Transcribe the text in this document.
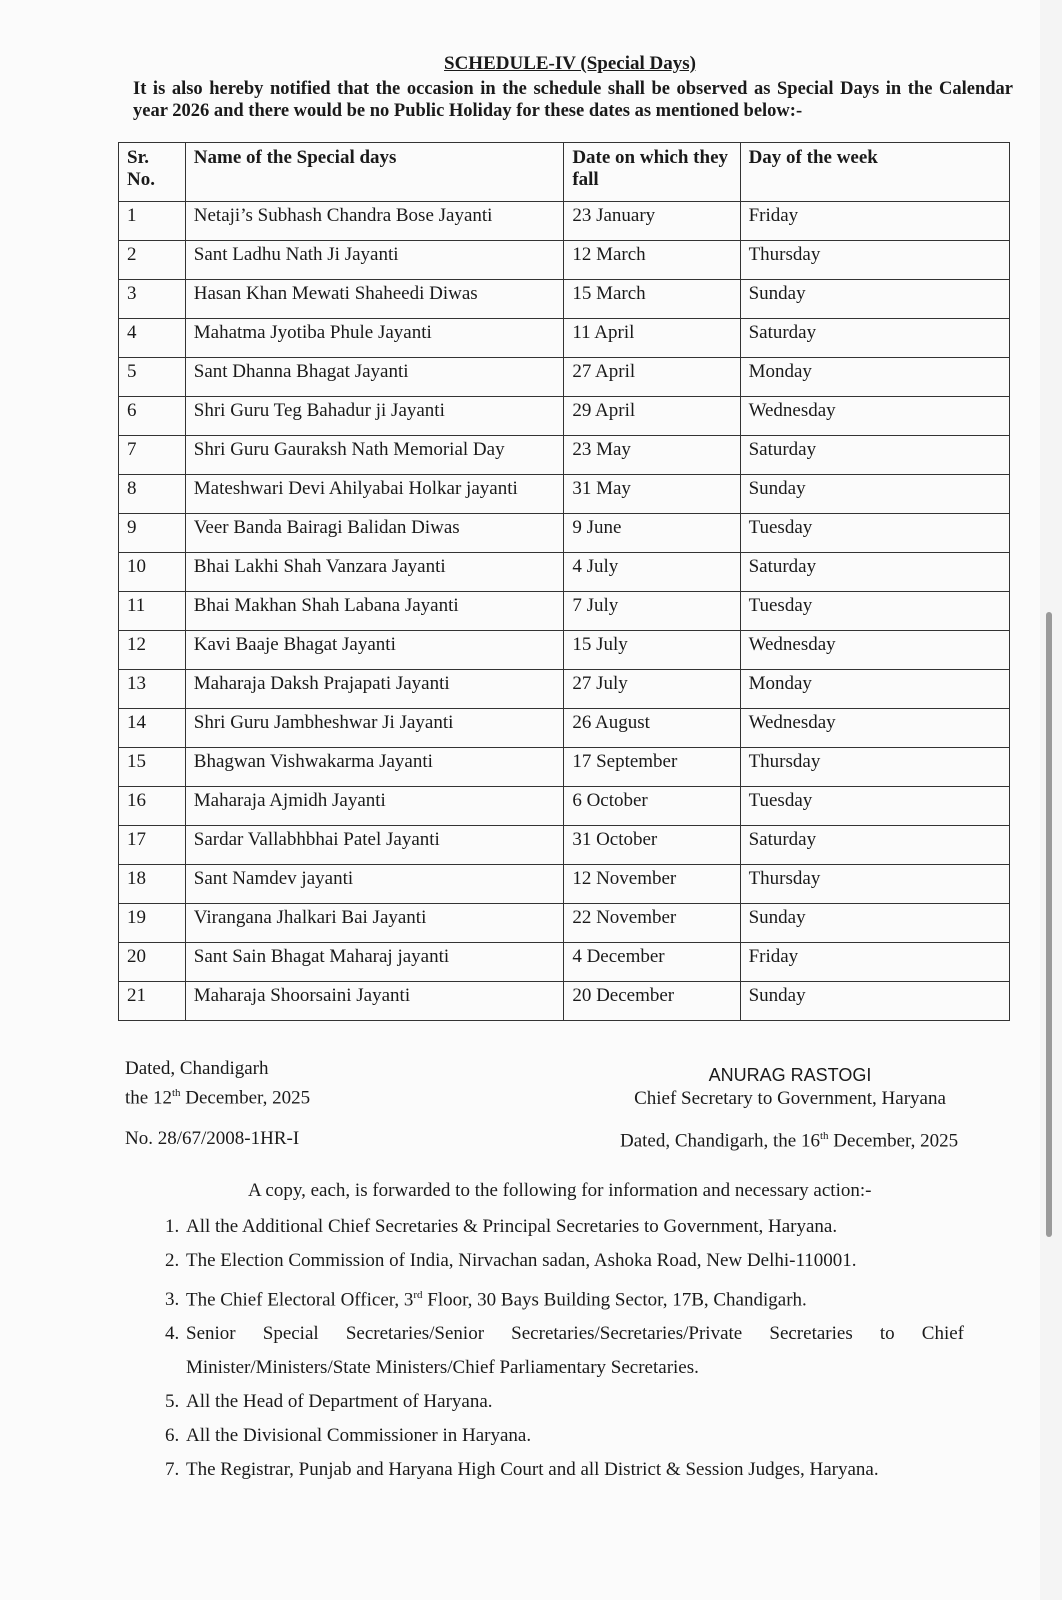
SCHEDULE-IV (Special Days)
It is also hereby notified that the occasion in the schedule shall be observed as Special Days in the Calendar year 2026 and there would be no Public Holiday for these dates as mentioned below:-
Sr. No.	Name of the Special days	Date on which they fall	Day of the week
1	Netaji’s Subhash Chandra Bose Jayanti	23 January	Friday
2	Sant Ladhu Nath Ji Jayanti	12 March	Thursday
3	Hasan Khan Mewati Shaheedi Diwas	15 March	Sunday
4	Mahatma Jyotiba Phule Jayanti	11 April	Saturday
5	Sant Dhanna Bhagat Jayanti	27 April	Monday
6	Shri Guru Teg Bahadur ji Jayanti	29 April	Wednesday
7	Shri Guru Gauraksh Nath Memorial Day	23 May	Saturday
8	Mateshwari Devi Ahilyabai Holkar jayanti	31 May	Sunday
9	Veer Banda Bairagi Balidan Diwas	9 June	Tuesday
10	Bhai Lakhi Shah Vanzara Jayanti	4 July	Saturday
11	Bhai Makhan Shah Labana Jayanti	7 July	Tuesday
12	Kavi Baaje Bhagat Jayanti	15 July	Wednesday
13	Maharaja Daksh Prajapati Jayanti	27 July	Monday
14	Shri Guru Jambheshwar Ji Jayanti	26 August	Wednesday
15	Bhagwan Vishwakarma Jayanti	17 September	Thursday
16	Maharaja Ajmidh Jayanti	6 October	Tuesday
17	Sardar Vallabhbhai Patel Jayanti	31 October	Saturday
18	Sant Namdev jayanti	12 November	Thursday
19	Virangana Jhalkari Bai Jayanti	22 November	Sunday
20	Sant Sain Bhagat Maharaj jayanti	4 December	Friday
21	Maharaja Shoorsaini Jayanti	20 December	Sunday
Dated, Chandigarh
the 12th December, 2025
ANURAG RASTOGI
Chief Secretary to Government, Haryana
No. 28/67/2008-1HR-I	Dated, Chandigarh, the 16th December, 2025
A copy, each, is forwarded to the following for information and necessary action:-
1. All the Additional Chief Secretaries & Principal Secretaries to Government, Haryana.
2. The Election Commission of India, Nirvachan sadan, Ashoka Road, New Delhi-110001.
3. The Chief Electoral Officer, 3rd Floor, 30 Bays Building Sector, 17B, Chandigarh.
4. Senior Special Secretaries/Senior Secretaries/Secretaries/Private Secretaries to Chief Minister/Ministers/State Ministers/Chief Parliamentary Secretaries.
5. All the Head of Department of Haryana.
6. All the Divisional Commissioner in Haryana.
7. The Registrar, Punjab and Haryana High Court and all District & Session Judges, Haryana.
